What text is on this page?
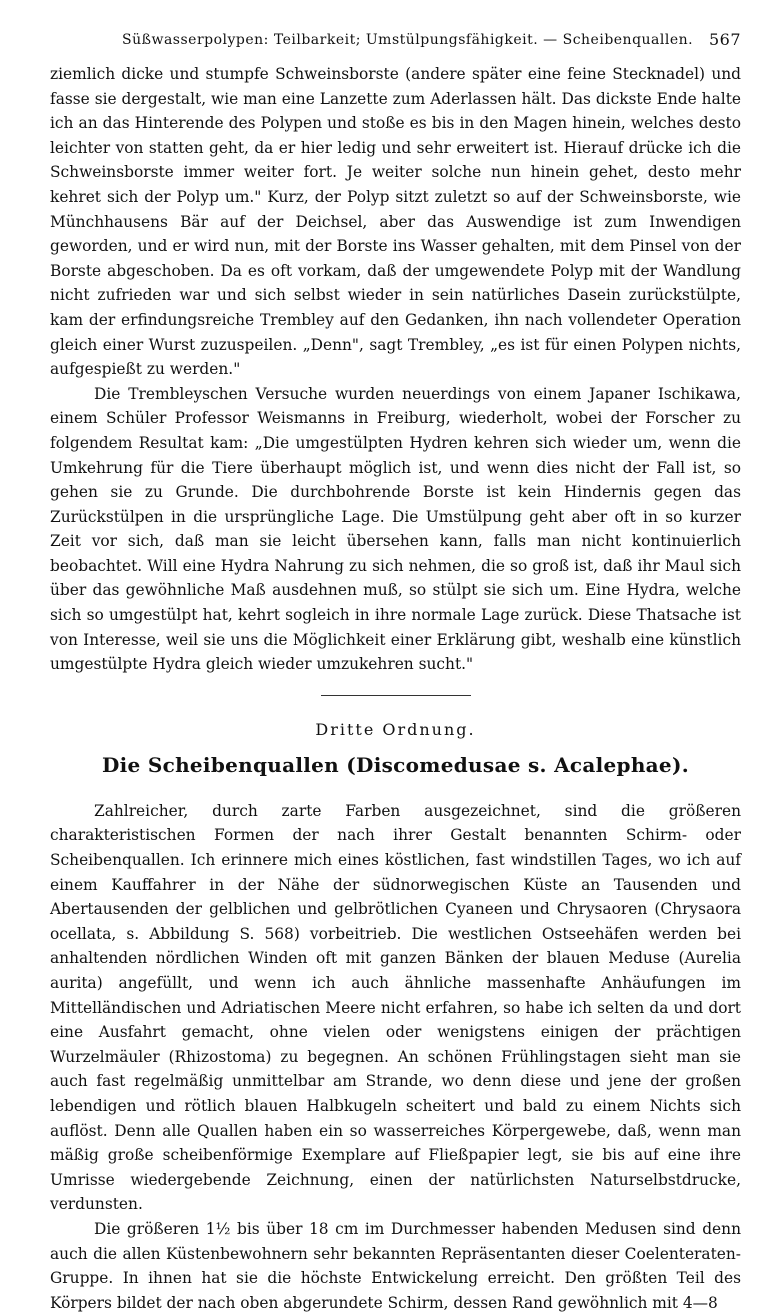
Süßwasserpolypen: Teilbarkeit; Umstülpungsfähigkeit. — Scheibenquallen. 567

ziemlich dicke und stumpfe Schweinsborste (andere später eine feine Stecknadel) und fasse sie dergestalt, wie man eine Lanzette zum Aderlassen hält. Das dickste Ende halte ich an das Hinterende des Polypen und stoße es bis in den Magen hinein, welches desto leichter von statten geht, da er hier ledig und sehr erweitert ist. Hierauf drücke ich die Schweinsborste immer weiter fort. Je weiter solche nun hinein gehet, desto mehr kehret sich der Polyp um." Kurz, der Polyp sitzt zuletzt so auf der Schweinsborste, wie Münchhausens Bär auf der Deichsel, aber das Auswendige ist zum Inwendigen geworden, und er wird nun, mit der Borste ins Wasser gehalten, mit dem Pinsel von der Borste abgeschoben. Da es oft vorkam, daß der umgewendete Polyp mit der Wandlung nicht zufrieden war und sich selbst wieder in sein natürliches Dasein zurückstülpte, kam der erfindungsreiche Trembley auf den Gedanken, ihn nach vollendeter Operation gleich einer Wurst zuzuspeilen. „Denn", sagt Trembley, „es ist für einen Polypen nichts, aufgespießt zu werden."

Die Trembleyschen Versuche wurden neuerdings von einem Japaner Ischikawa, einem Schüler Professor Weismanns in Freiburg, wiederholt, wobei der Forscher zu folgendem Resultat kam: „Die umgestülpten Hydren kehren sich wieder um, wenn die Umkehrung für die Tiere überhaupt möglich ist, und wenn dies nicht der Fall ist, so gehen sie zu Grunde. Die durchbohrende Borste ist kein Hindernis gegen das Zurückstülpen in die ursprüngliche Lage. Die Umstülpung geht aber oft in so kurzer Zeit vor sich, daß man sie leicht übersehen kann, falls man nicht kontinuierlich beobachtet. Will eine Hydra Nahrung zu sich nehmen, die so groß ist, daß ihr Maul sich über das gewöhnliche Maß ausdehnen muß, so stülpt sie sich um. Eine Hydra, welche sich so umgestülpt hat, kehrt sogleich in ihre normale Lage zurück. Diese Thatsache ist von Interesse, weil sie uns die Möglichkeit einer Erklärung gibt, weshalb eine künstlich umgestülpte Hydra gleich wieder umzukehren sucht."

Dritte Ordnung.

Die Scheibenquallen (Discomedusae s. Acalephae).

Zahlreicher, durch zarte Farben ausgezeichnet, sind die größeren charakteristischen Formen der nach ihrer Gestalt benannten Schirm- oder Scheibenquallen. Ich erinnere mich eines köstlichen, fast windstillen Tages, wo ich auf einem Kauffahrer in der Nähe der südnorwegischen Küste an Tausenden und Abertausenden der gelblichen und gelbrötlichen Cyaneen und Chrysaoren (Chrysaora ocellata, s. Abbildung S. 568) vorbeitrieb. Die westlichen Ostseehäfen werden bei anhaltenden nördlichen Winden oft mit ganzen Bänken der blauen Meduse (Aurelia aurita) angefüllt, und wenn ich auch ähnliche massenhafte Anhäufungen im Mittelländischen und Adriatischen Meere nicht erfahren, so habe ich selten da und dort eine Ausfahrt gemacht, ohne vielen oder wenigstens einigen der prächtigen Wurzelmäuler (Rhizostoma) zu begegnen. An schönen Frühlingstagen sieht man sie auch fast regelmäßig unmittelbar am Strande, wo denn diese und jene der großen lebendigen und rötlich blauen Halbkugeln scheitert und bald zu einem Nichts sich auflöst. Denn alle Quallen haben ein so wasserreiches Körpergewebe, daß, wenn man mäßig große scheibenförmige Exemplare auf Fließpapier legt, sie bis auf eine ihre Umrisse wiedergebende Zeichnung, einen der natürlichsten Naturselbstdrucke, verdunsten.

Die größeren 1½ bis über 18 cm im Durchmesser habenden Medusen sind denn auch die allen Küstenbewohnern sehr bekannten Repräsentanten dieser Coelenteraten-Gruppe. In ihnen hat sie die höchste Entwickelung erreicht. Den größten Teil des Körpers bildet der nach oben abgerundete Schirm, dessen Rand gewöhnlich mit 4—8
